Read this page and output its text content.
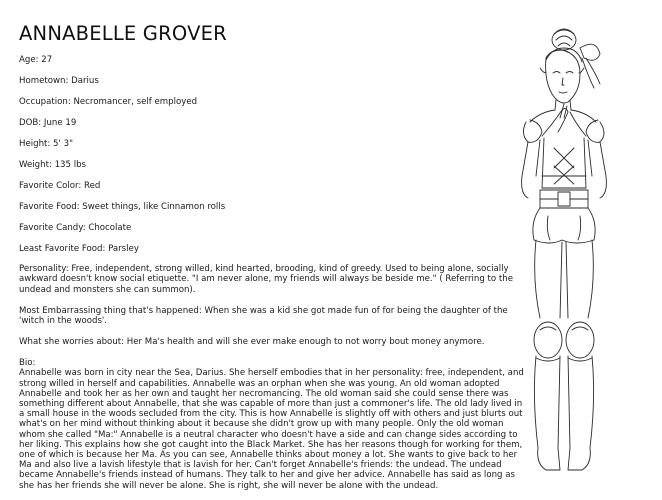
ANNABELLE GROVER
Age: 27
Hometown: Darius
Occupation: Necromancer, self employed
DOB: June 19
Height: 5' 3"
Weight: 135 lbs
Favorite Color: Red
Favorite Food: Sweet things, like Cinnamon rolls
Favorite Candy: Chocolate
Least Favorite Food: Parsley

Personality: Free, independent, strong willed, kind hearted, brooding, kind of greedy. Used to being alone, socially awkward doesn't know social etiquette. "I am never alone, my friends will always be beside me." ( Referring to the undead and monsters she can summon).

Most Embarrassing thing that's happened: When she was a kid she got made fun of for being the daughter of the 'witch in the woods'.

What she worries about: Her Ma's health and will she ever make enough to not worry bout money anymore.

Bio:

Annabelle was born in city near the Sea, Darius. She herself embodies that in her personality: free, independent, and strong willed in herself and capabilities. Annabelle was an orphan when she was young. An old woman adopted Annabelle and took her as her own and taught her necromancing. The old woman said she could sense there was something different about Annabelle, that she was capable of more than just a commoner's life. The old lady lived in a small house in the woods secluded from the city. This is how Annabelle is slightly off with others and just blurts out what's on her mind without thinking about it because she didn't grow up with many people. Only the old woman whom she called "Ma:" Annabelle is a neutral character who doesn't have a side and can change sides according to her liking. This explains how she got caught into the Black Market. She has her reasons though for working for them, one of which is because her Ma. As you can see, Annabelle thinks about money a lot. She wants to give back to her Ma and also live a lavish lifestyle that is lavish for her. Can't forget Annabelle's friends: the undead. The undead became Annabelle's friends instead of humans. They talk to her and give her advice. Annabelle has said as long as she has her friends she will never be alone. She is right, she will never be alone with the undead.
